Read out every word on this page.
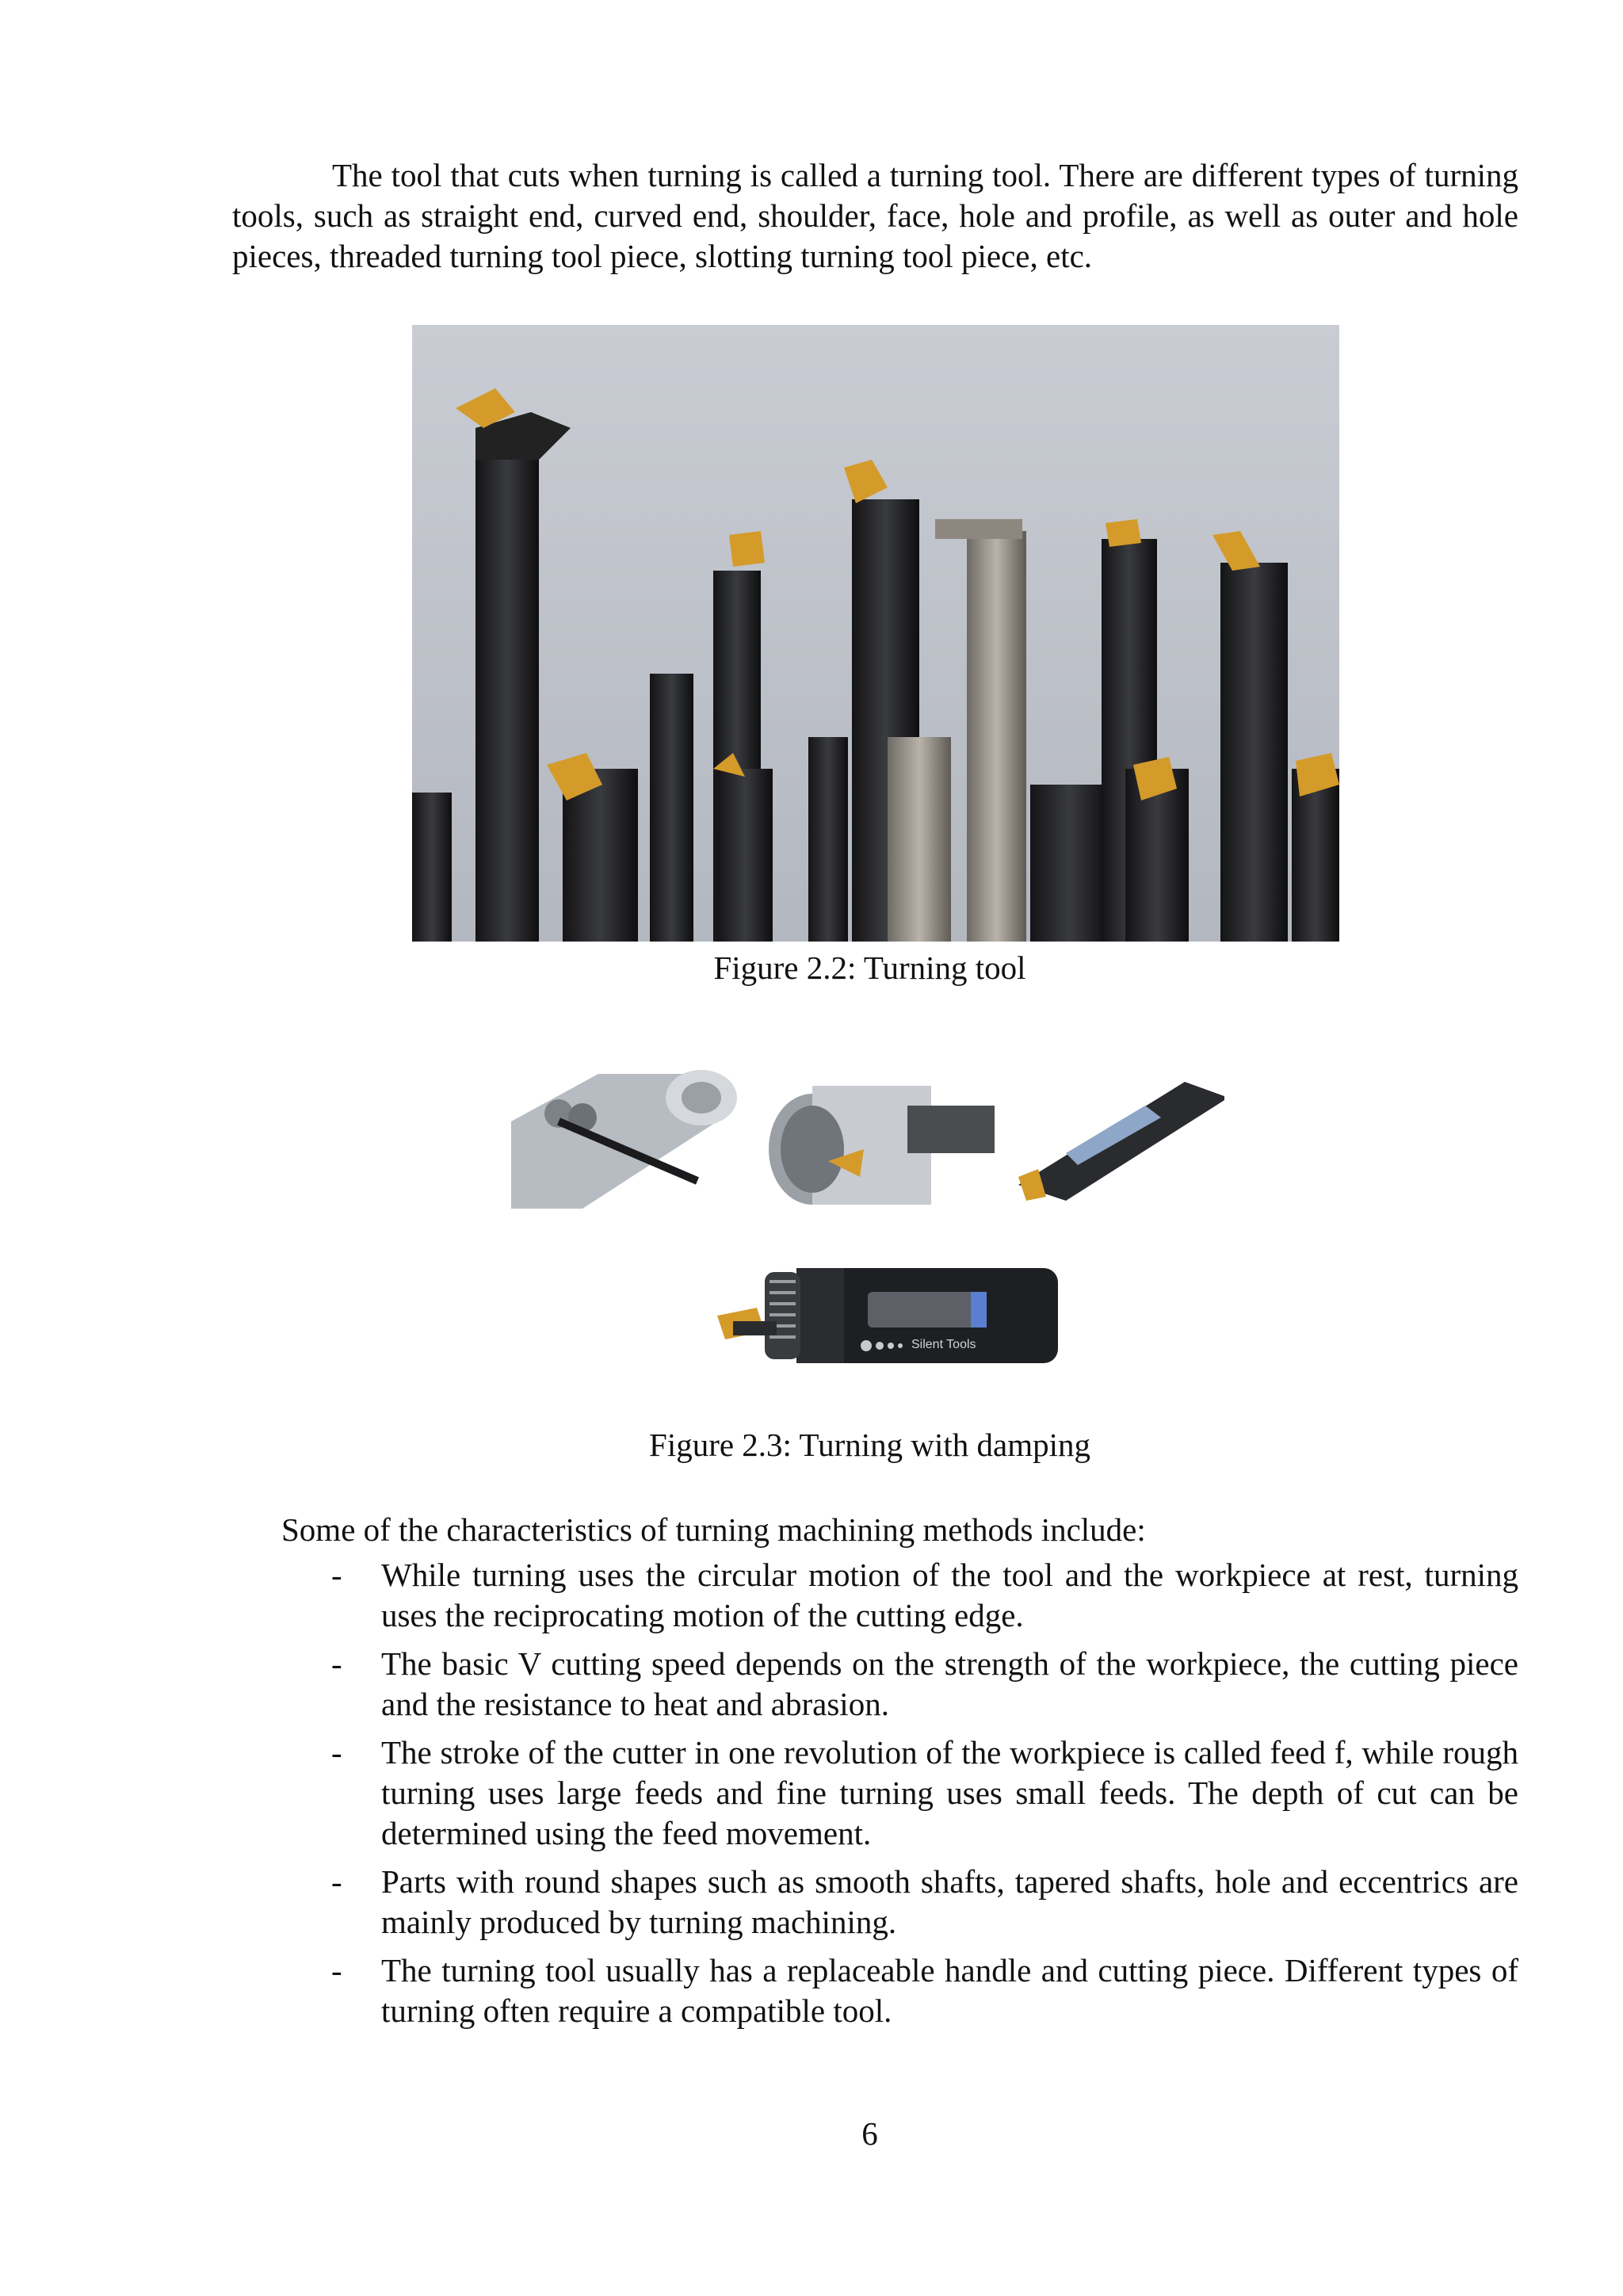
The tool that cuts when turning is called a turning tool. There are different types of turning tools, such as straight end, curved end, shoulder, face, hole and profile, as well as outer and hole pieces, threaded turning tool piece, slotting turning tool piece, etc.

Figure 2.2: Turning tool
Silent Tools
Figure 2.3: Turning with damping
Some of the characteristics of turning machining methods include:
- While turning uses the circular motion of the tool and the workpiece at rest, turning uses the reciprocating motion of the cutting edge.
- The basic V cutting speed depends on the strength of the workpiece, the cutting piece and the resistance to heat and abrasion.
- The stroke of the cutter in one revolution of the workpiece is called feed f, while rough turning uses large feeds and fine turning uses small feeds. The depth of cut can be determined using the feed movement.
- Parts with round shapes such as smooth shafts, tapered shafts, hole and eccentrics are mainly produced by turning machining.
- The turning tool usually has a replaceable handle and cutting piece. Different types of turning often require a compatible tool.
6
